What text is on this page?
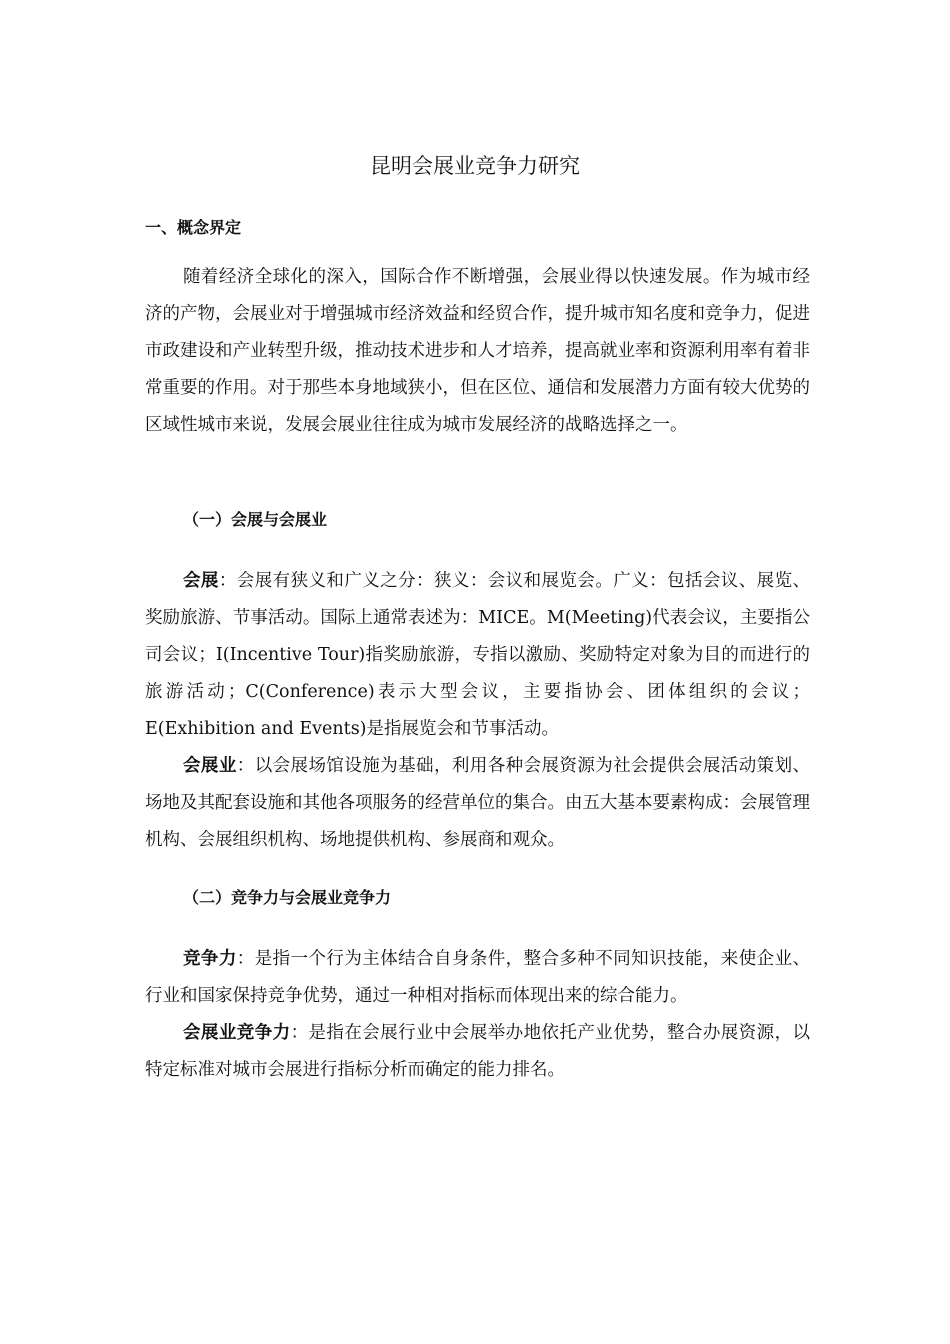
昆明会展业竞争力研究
一、概念界定

随着经济全球化的深入，国际合作不断增强，会展业得以快速发展。作为城市经济的产物，会展业对于增强城市经济效益和经贸合作，提升城市知名度和竞争力，促进市政建设和产业转型升级，推动技术进步和人才培养，提高就业率和资源利用率有着非常重要的作用。对于那些本身地域狭小，但在区位、通信和发展潜力方面有较大优势的区域性城市来说，发展会展业往往成为城市发展经济的战略选择之一。

（一）会展与会展业

会展：会展有狭义和广义之分：狭义：会议和展览会。广义：包括会议、展览、奖励旅游、节事活动。国际上通常表述为：MICE。M(Meeting)代表会议，主要指公司会议；I(Incentive Tour)指奖励旅游，专指以激励、奖励特定对象为目的而进行的旅游活动；C(Conference)表示大型会议，主要指协会、团体组织的会议；E(Exhibition and Events)是指展览会和节事活动。

会展业：以会展场馆设施为基础，利用各种会展资源为社会提供会展活动策划、场地及其配套设施和其他各项服务的经营单位的集合。由五大基本要素构成：会展管理机构、会展组织机构、场地提供机构、参展商和观众。

（二）竞争力与会展业竞争力

竞争力：是指一个行为主体结合自身条件，整合多种不同知识技能，来使企业、行业和国家保持竞争优势，通过一种相对指标而体现出来的综合能力。

会展业竞争力：是指在会展行业中会展举办地依托产业优势，整合办展资源，以特定标准对城市会展进行指标分析而确定的能力排名。
